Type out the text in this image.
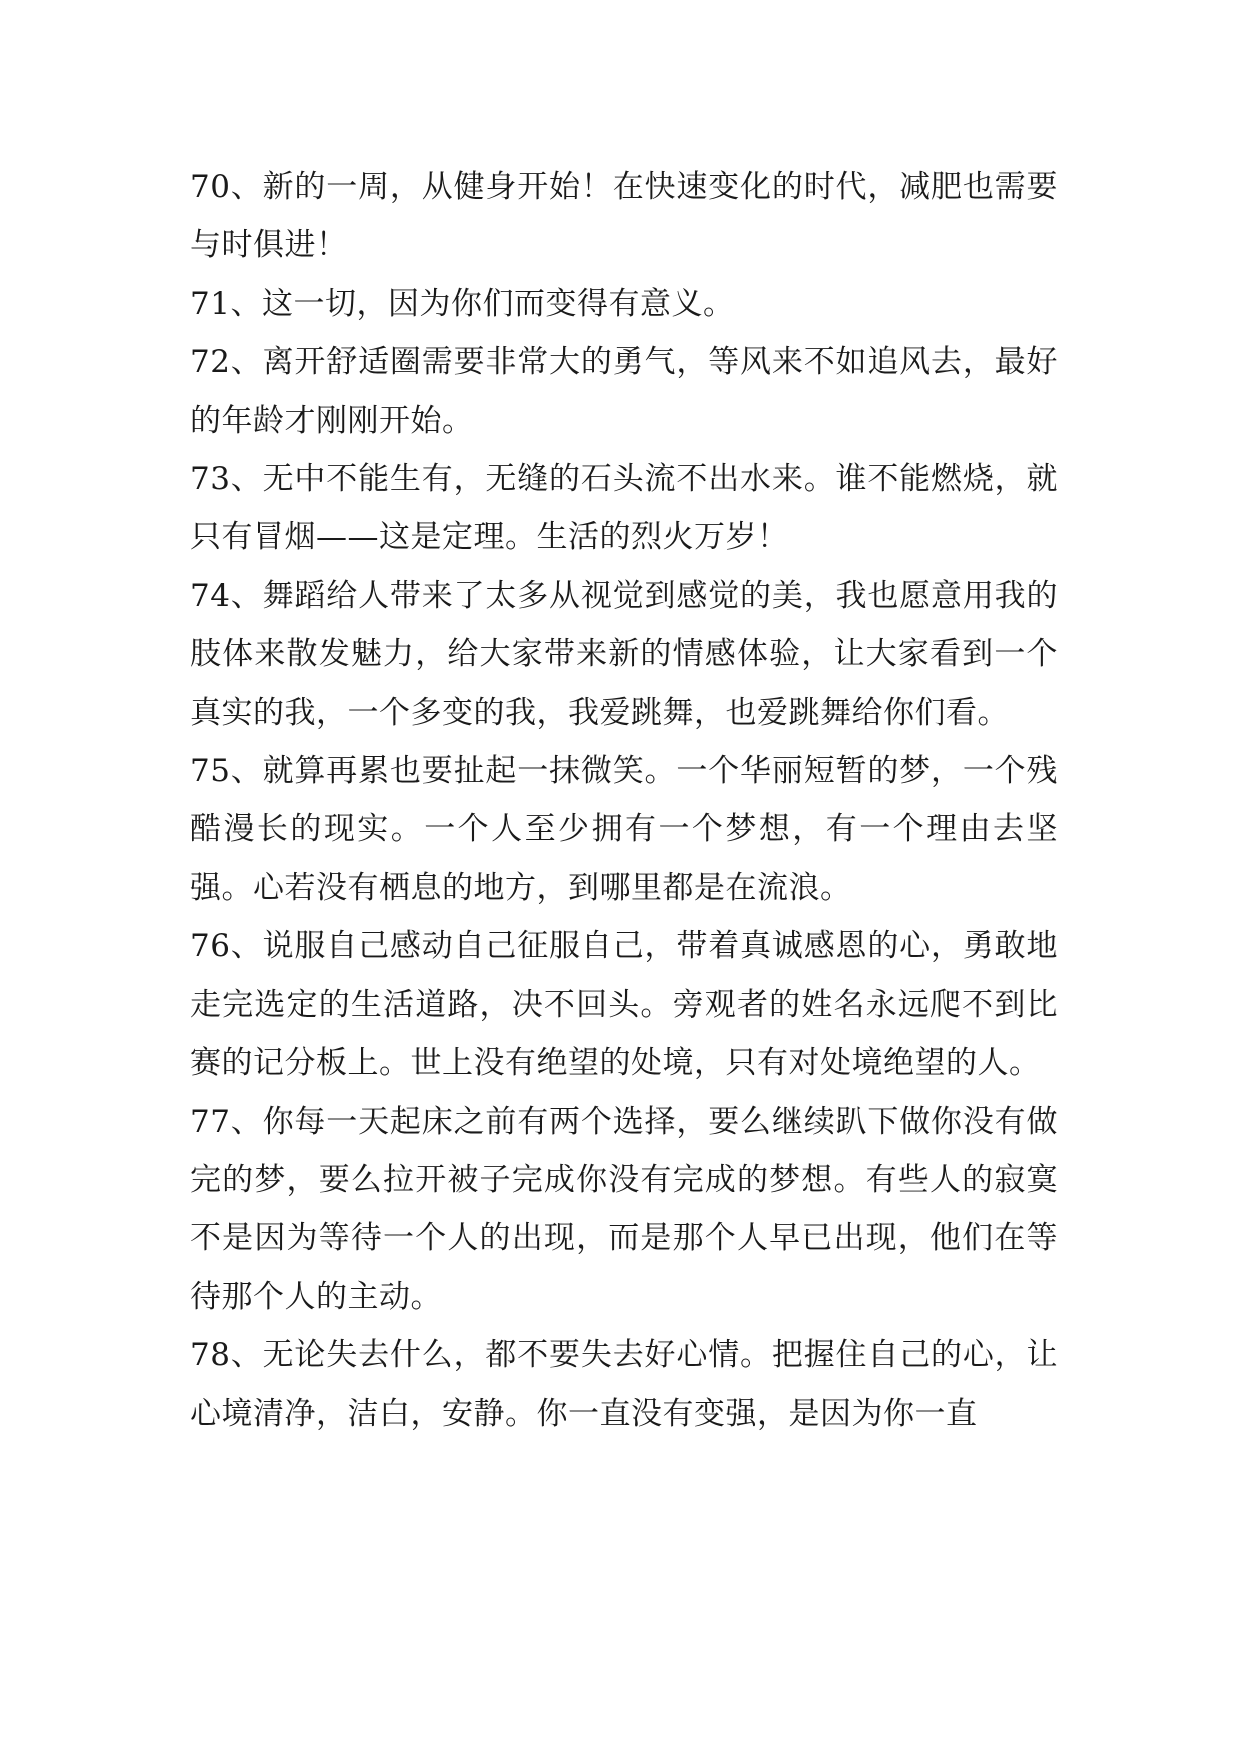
70、新的一周，从健身开始！在快速变化的时代，减肥也需要与时俱进！

71、这一切，因为你们而变得有意义。

72、离开舒适圈需要非常大的勇气，等风来不如追风去，最好的年龄才刚刚开始。

73、无中不能生有，无缝的石头流不出水来。谁不能燃烧，就只有冒烟——这是定理。生活的烈火万岁！

74、舞蹈给人带来了太多从视觉到感觉的美，我也愿意用我的肢体来散发魅力，给大家带来新的情感体验，让大家看到一个真实的我，一个多变的我，我爱跳舞，也爱跳舞给你们看。

75、就算再累也要扯起一抹微笑。一个华丽短暂的梦，一个残酷漫长的现实。一个人至少拥有一个梦想，有一个理由去坚强。心若没有栖息的地方，到哪里都是在流浪。

76、说服自己感动自己征服自己，带着真诚感恩的心，勇敢地走完选定的生活道路，决不回头。旁观者的姓名永远爬不到比赛的记分板上。世上没有绝望的处境，只有对处境绝望的人。

77、你每一天起床之前有两个选择，要么继续趴下做你没有做完的梦，要么拉开被子完成你没有完成的梦想。有些人的寂寞不是因为等待一个人的出现，而是那个人早已出现，他们在等待那个人的主动。

78、无论失去什么，都不要失去好心情。把握住自己的心，让心境清净，洁白，安静。你一直没有变强，是因为你一直
